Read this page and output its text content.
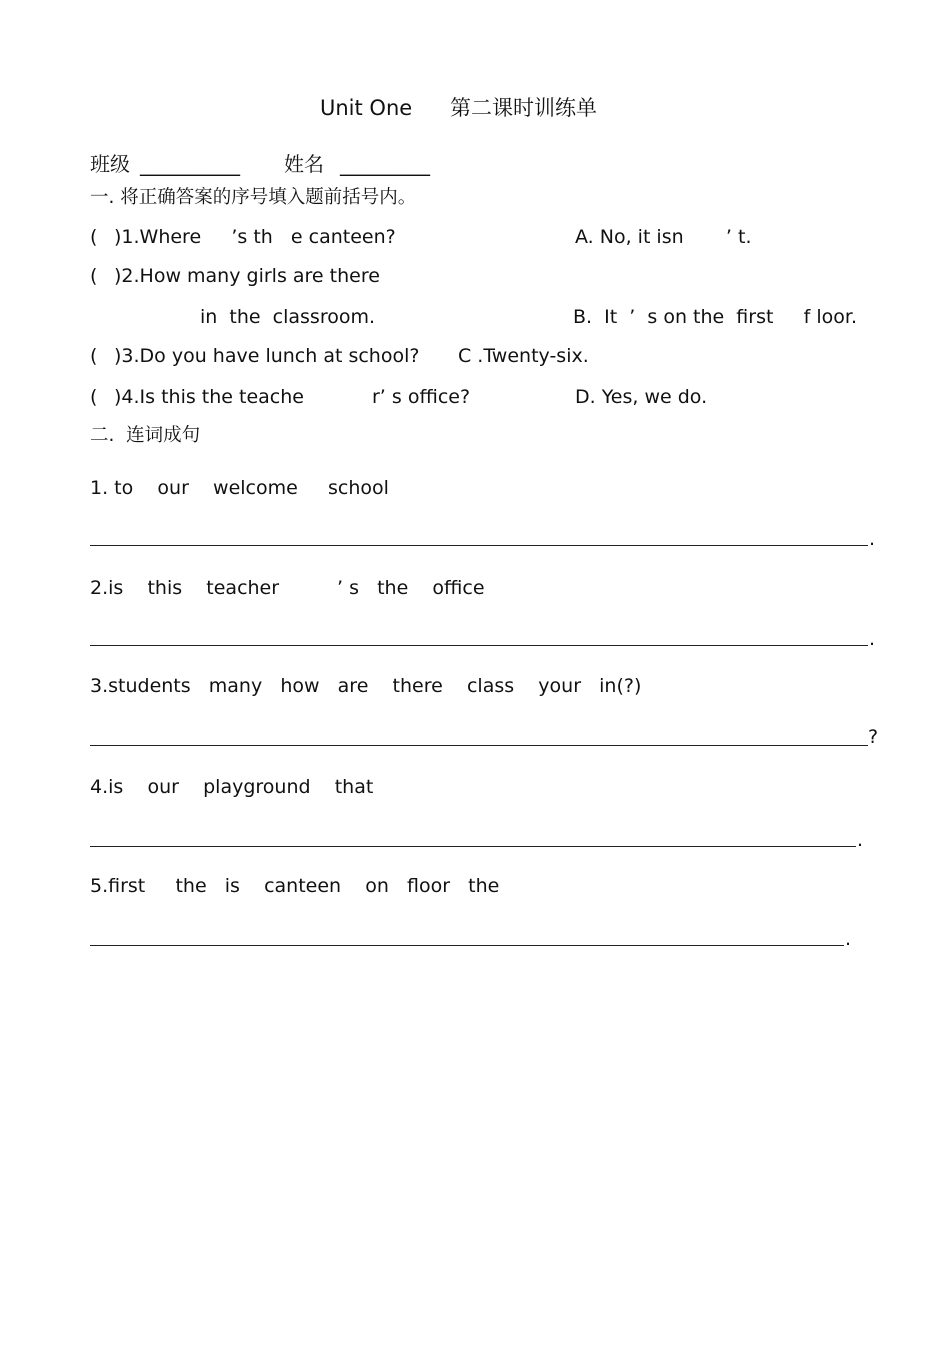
Unit One 第二课时训练单
班级 __________ 姓名 _________
一. 将正确答案的序号填入题前括号内。
( )1.Where     ’s th   e canteen?	A. No, it isn       ’ t.
( )2.How many girls are there
in  the  classroom.	B.  It  ’  s on the  first     f loor.
( )3.Do you have lunch at school? C .Twenty-six.
( )4.Is this the teache	r’ s office?	D. Yes, we do.
二.  连词成句
1. to    our    welcome     school
.
2.is    this    teacher	’ s   the    office
.
3.students   many   how   are    there    class    your   in(?)
?
4.is    our    playground    that
.
5.first     the   is    canteen    on   floor   the
.
